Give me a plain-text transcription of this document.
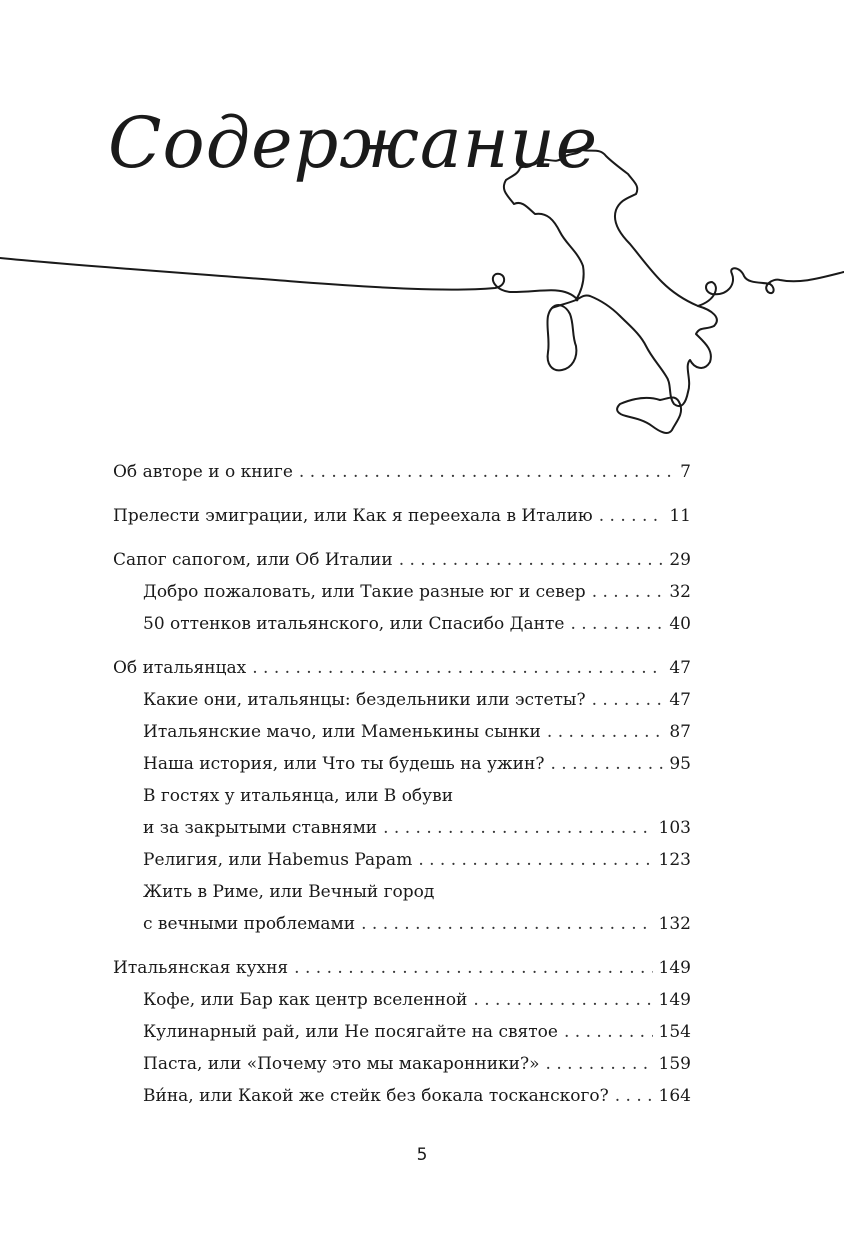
Содержание
Об авторе и о книге . . .	7
Прелести эмиграции, или Как я переехала в Италию . . .	11
Сапог сапогом, или Об Италии . . .	29
Добро пожаловать, или Такие разные юг и север . . .	32
50 оттенков итальянского, или Спасибо Данте . . .	40
Об итальянцах . . .	47
Какие они, итальянцы: бездельники или эстеты? . . .	47
Итальянские мачо, или Маменькины сынки . . .	87
Наша история, или Что ты будешь на ужин? . . .	95
В гостях у итальянца, или В обуви
и за закрытыми ставнями . . .	103
Религия, или Habemus Papam . . .	123
Жить в Риме, или Вечный город
с вечными проблемами . . .	132
Итальянская кухня . . .	149
Кофе, или Бар как центр вселенной . . .	149
Кулинарный рай, или Не посягайте на святое . . .	154
Паста, или «Почему это мы макаронники?» . . .	159
Ви́на, или Какой же стейк без бокала тосканского? . . .	164
5
